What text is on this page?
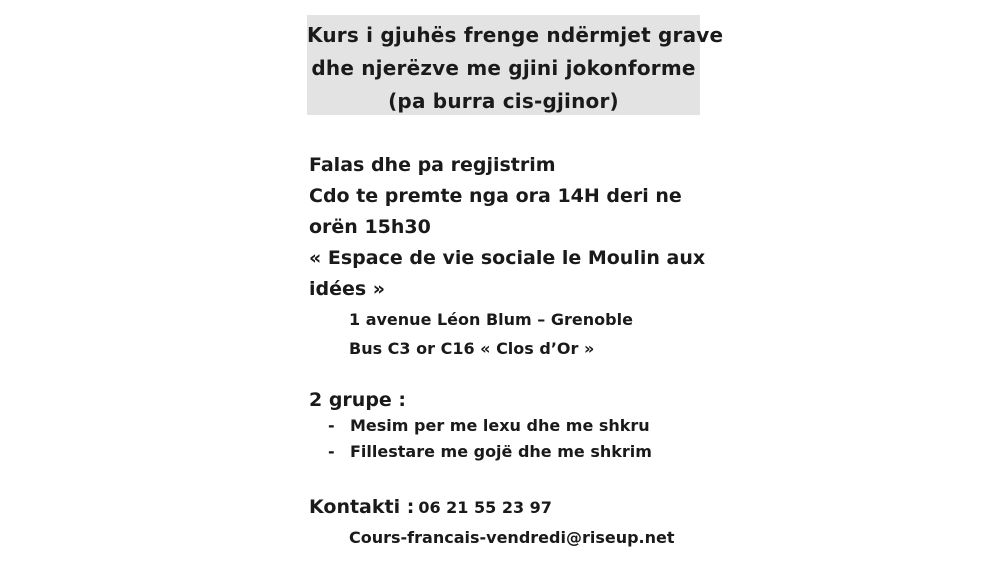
Kurs i gjuhës frenge ndërmjet grave
dhe njerëzve me gjini jokonforme
(pa burra cis-gjinor)
Falas dhe pa regjistrim
Cdo te premte nga ora 14H deri ne
orën 15h30
« Espace de vie sociale le Moulin aux
idées »
1 avenue Léon Blum – Grenoble
Bus C3 or C16 « Clos d’Or »
2 grupe :
- Mesim per me lexu dhe me shkru
- Fillestare me gojë dhe me shkrim
Kontakti : 06 21 55 23 97
Cours-francais-vendredi@riseup.net
